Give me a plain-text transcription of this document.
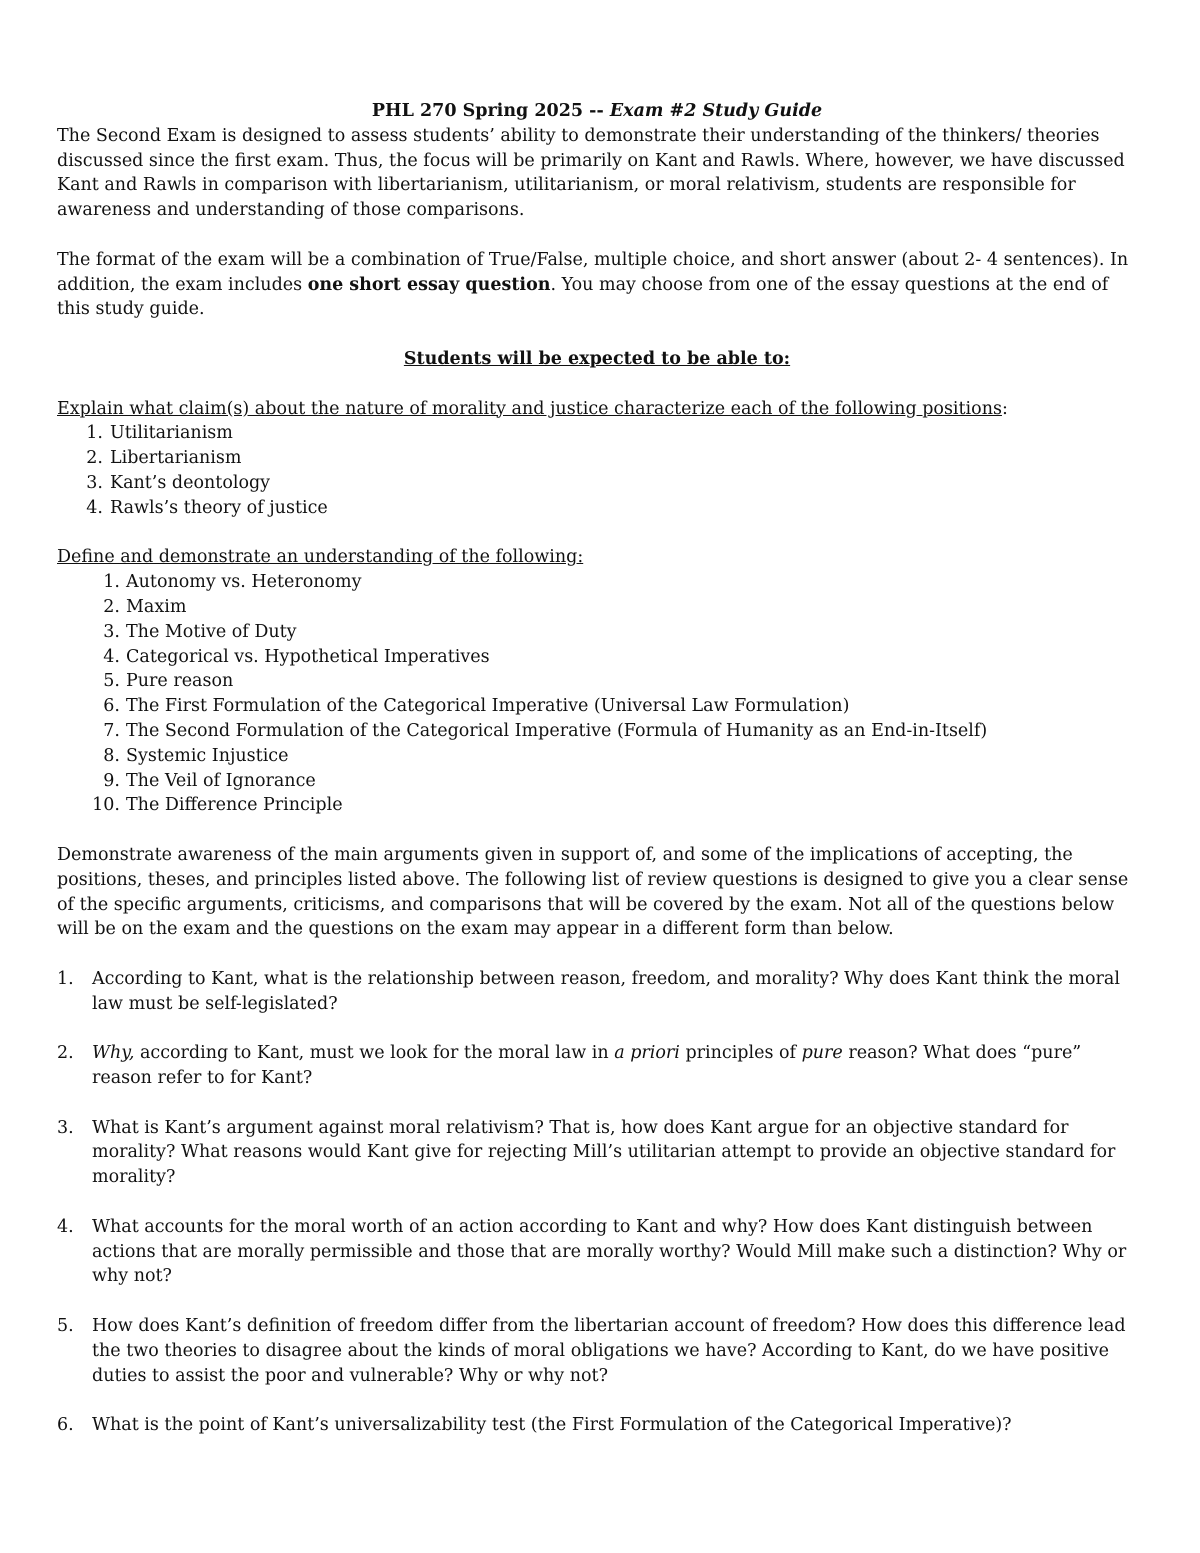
PHL 270 Spring 2025 -- Exam #2 Study Guide

The Second Exam is designed to assess students’ ability to demonstrate their understanding of the thinkers/ theories discussed since the first exam. Thus, the focus will be primarily on Kant and Rawls. Where, however, we have discussed Kant and Rawls in comparison with libertarianism, utilitarianism, or moral relativism, students are responsible for awareness and understanding of those comparisons.

The format of the exam will be a combination of True/False, multiple choice, and short answer (about 2- 4 sentences). In addition, the exam includes one short essay question. You may choose from one of the essay questions at the end of this study guide.

Students will be expected to be able to:

Explain what claim(s) about the nature of morality and justice characterize each of the following positions:

1. Utilitarianism
2. Libertarianism
3. Kant’s deontology
4. Rawls’s theory of justice

Define and demonstrate an understanding of the following:

1. Autonomy vs. Heteronomy
2. Maxim
3. The Motive of Duty
4. Categorical vs. Hypothetical Imperatives
5. Pure reason
6. The First Formulation of the Categorical Imperative (Universal Law Formulation)
7. The Second Formulation of the Categorical Imperative (Formula of Humanity as an End-in-Itself)
8. Systemic Injustice
9. The Veil of Ignorance
10. The Difference Principle

Demonstrate awareness of the main arguments given in support of, and some of the implications of accepting, the positions, theses, and principles listed above. The following list of review questions is designed to give you a clear sense of the specific arguments, criticisms, and comparisons that will be covered by the exam. Not all of the questions below will be on the exam and the questions on the exam may appear in a different form than below.

1. According to Kant, what is the relationship between reason, freedom, and morality? Why does Kant think the moral law must be self-legislated?
2. Why, according to Kant, must we look for the moral law in a priori principles of pure reason? What does “pure” reason refer to for Kant?
3. What is Kant’s argument against moral relativism? That is, how does Kant argue for an objective standard for morality? What reasons would Kant give for rejecting Mill’s utilitarian attempt to provide an objective standard for morality?
4. What accounts for the moral worth of an action according to Kant and why? How does Kant distinguish between actions that are morally permissible and those that are morally worthy? Would Mill make such a distinction? Why or why not?
5. How does Kant’s definition of freedom differ from the libertarian account of freedom? How does this difference lead the two theories to disagree about the kinds of moral obligations we have? According to Kant, do we have positive duties to assist the poor and vulnerable? Why or why not?
6. What is the point of Kant’s universalizability test (the First Formulation of the Categorical Imperative)?
